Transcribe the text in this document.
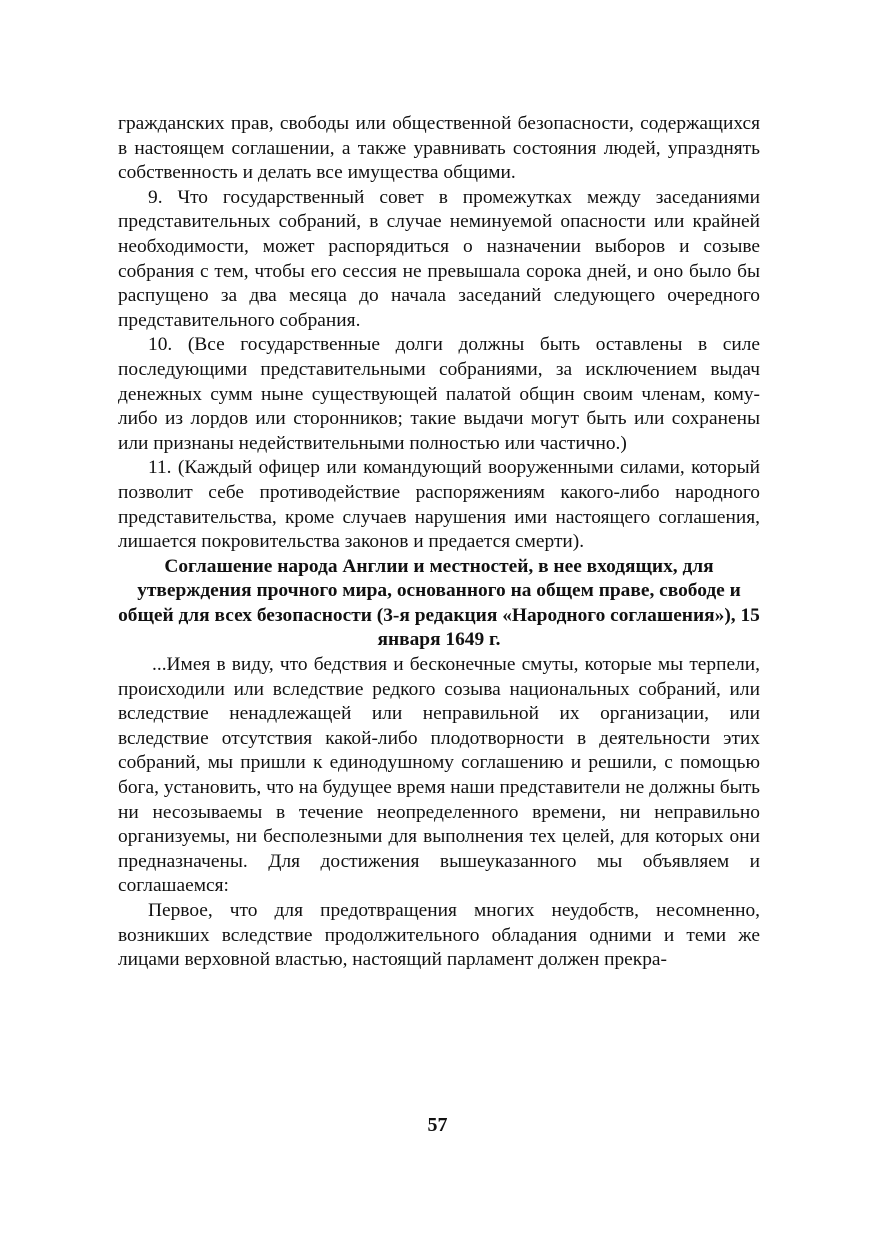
гражданских прав, свободы или общественной безопасности, содержащихся в настоящем соглашении, а также уравнивать состояния людей, упразднять собственность и делать все имущества общими.

9. Что государственный совет в промежутках между заседаниями представительных собраний, в случае неминуемой опасности или крайней необходимости, может распорядиться о назначении выборов и созыве собрания с тем, чтобы его сессия не превышала сорока дней, и оно было бы распущено за два месяца до начала заседаний следующего очередного представительного собрания.

10. (Все государственные долги должны быть оставлены в силе последующими представительными собраниями, за исключением выдач денежных сумм ныне существующей палатой общин своим членам, кому-либо из лордов или сторонников; такие выдачи могут быть или сохранены или признаны недействительными полностью или частично.)

11. (Каждый офицер или командующий вооруженными силами, который позволит себе противодействие распоряжениям какого-либо народного представительства, кроме случаев нарушения ими настоящего соглашения, лишается покровительства законов и предается смерти).

Соглашение народа Англии и местностей, в нее входящих, для утверждения прочного мира, основанного на общем праве, свободе и общей для всех безопасности (3-я редакция «Народного соглашения»), 15 января 1649 г.

...Имея в виду, что бедствия и бесконечные смуты, которые мы терпели, происходили или вследствие редкого созыва национальных собраний, или вследствие ненадлежащей или неправильной их организации, или вследствие отсутствия какой-либо плодотворности в деятельности этих собраний, мы пришли к единодушному соглашению и решили, с помощью бога, установить, что на будущее время наши представители не должны быть ни несозываемы в течение неопределенного времени, ни неправильно организуемы, ни бесполезными для выполнения тех целей, для которых они предназначены. Для достижения вышеуказанного мы объявляем и соглашаемся:

Первое, что для предотвращения многих неудобств, несомненно, возникших вследствие продолжительного обладания одними и теми же лицами верховной властью, настоящий парламент должен прекра-

57
